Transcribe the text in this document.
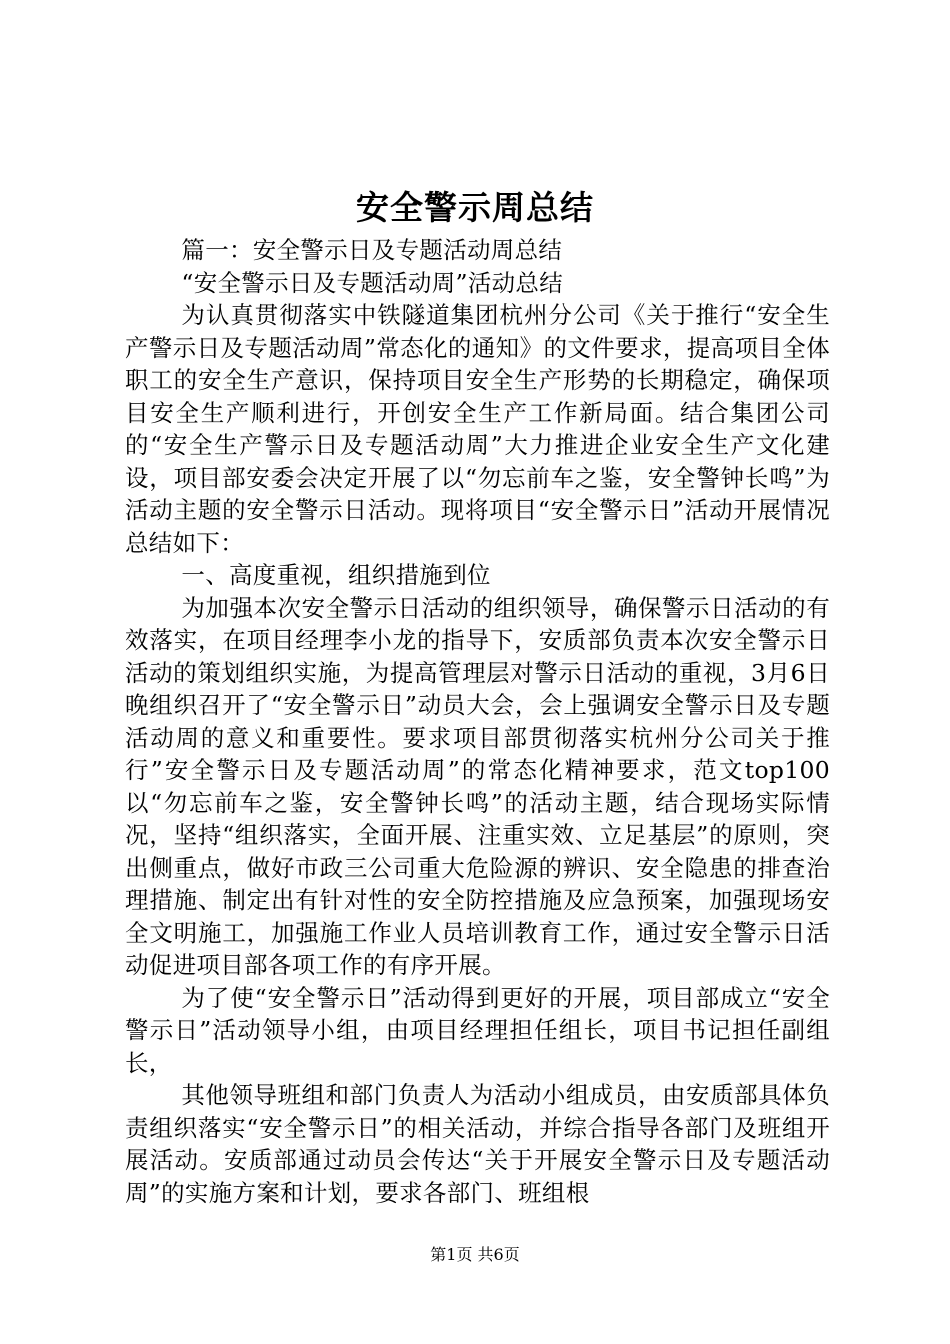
安全警示周总结

篇一：安全警示日及专题活动周总结

“安全警示日及专题活动周”活动总结

为认真贯彻落实中铁隧道集团杭州分公司《关于推行“安全生产警示日及专题活动周”常态化的通知》的文件要求，提高项目全体职工的安全生产意识，保持项目安全生产形势的长期稳定，确保项目安全生产顺利进行，开创安全生产工作新局面。结合集团公司的“安全生产警示日及专题活动周”大力推进企业安全生产文化建设，项目部安委会决定开展了以“勿忘前车之鉴，安全警钟长鸣”为活动主题的安全警示日活动。现将项目“安全警示日”活动开展情况总结如下：

一、高度重视，组织措施到位

为加强本次安全警示日活动的组织领导，确保警示日活动的有效落实，在项目经理李小龙的指导下，安质部负责本次安全警示日活动的策划组织实施，为提高管理层对警示日活动的重视，3月6日晚组织召开了“安全警示日”动员大会，会上强调安全警示日及专题活动周的意义和重要性。要求项目部贯彻落实杭州分公司关于推行”安全警示日及专题活动周”的常态化精神要求，范文top100以“勿忘前车之鉴，安全警钟长鸣”的活动主题，结合现场实际情况，坚持“组织落实，全面开展、注重实效、立足基层”的原则，突出侧重点，做好市政三公司重大危险源的辨识、安全隐患的排查治理措施、制定出有针对性的安全防控措施及应急预案，加强现场安全文明施工，加强施工作业人员培训教育工作，通过安全警示日活动促进项目部各项工作的有序开展。

为了使“安全警示日”活动得到更好的开展，项目部成立“安全警示日”活动领导小组，由项目经理担任组长，项目书记担任副组长，

其他领导班组和部门负责人为活动小组成员，由安质部具体负责组织落实“安全警示日”的相关活动，并综合指导各部门及班组开展活动。安质部通过动员会传达“关于开展安全警示日及专题活动周”的实施方案和计划，要求各部门、班组根

第1页 共6页
